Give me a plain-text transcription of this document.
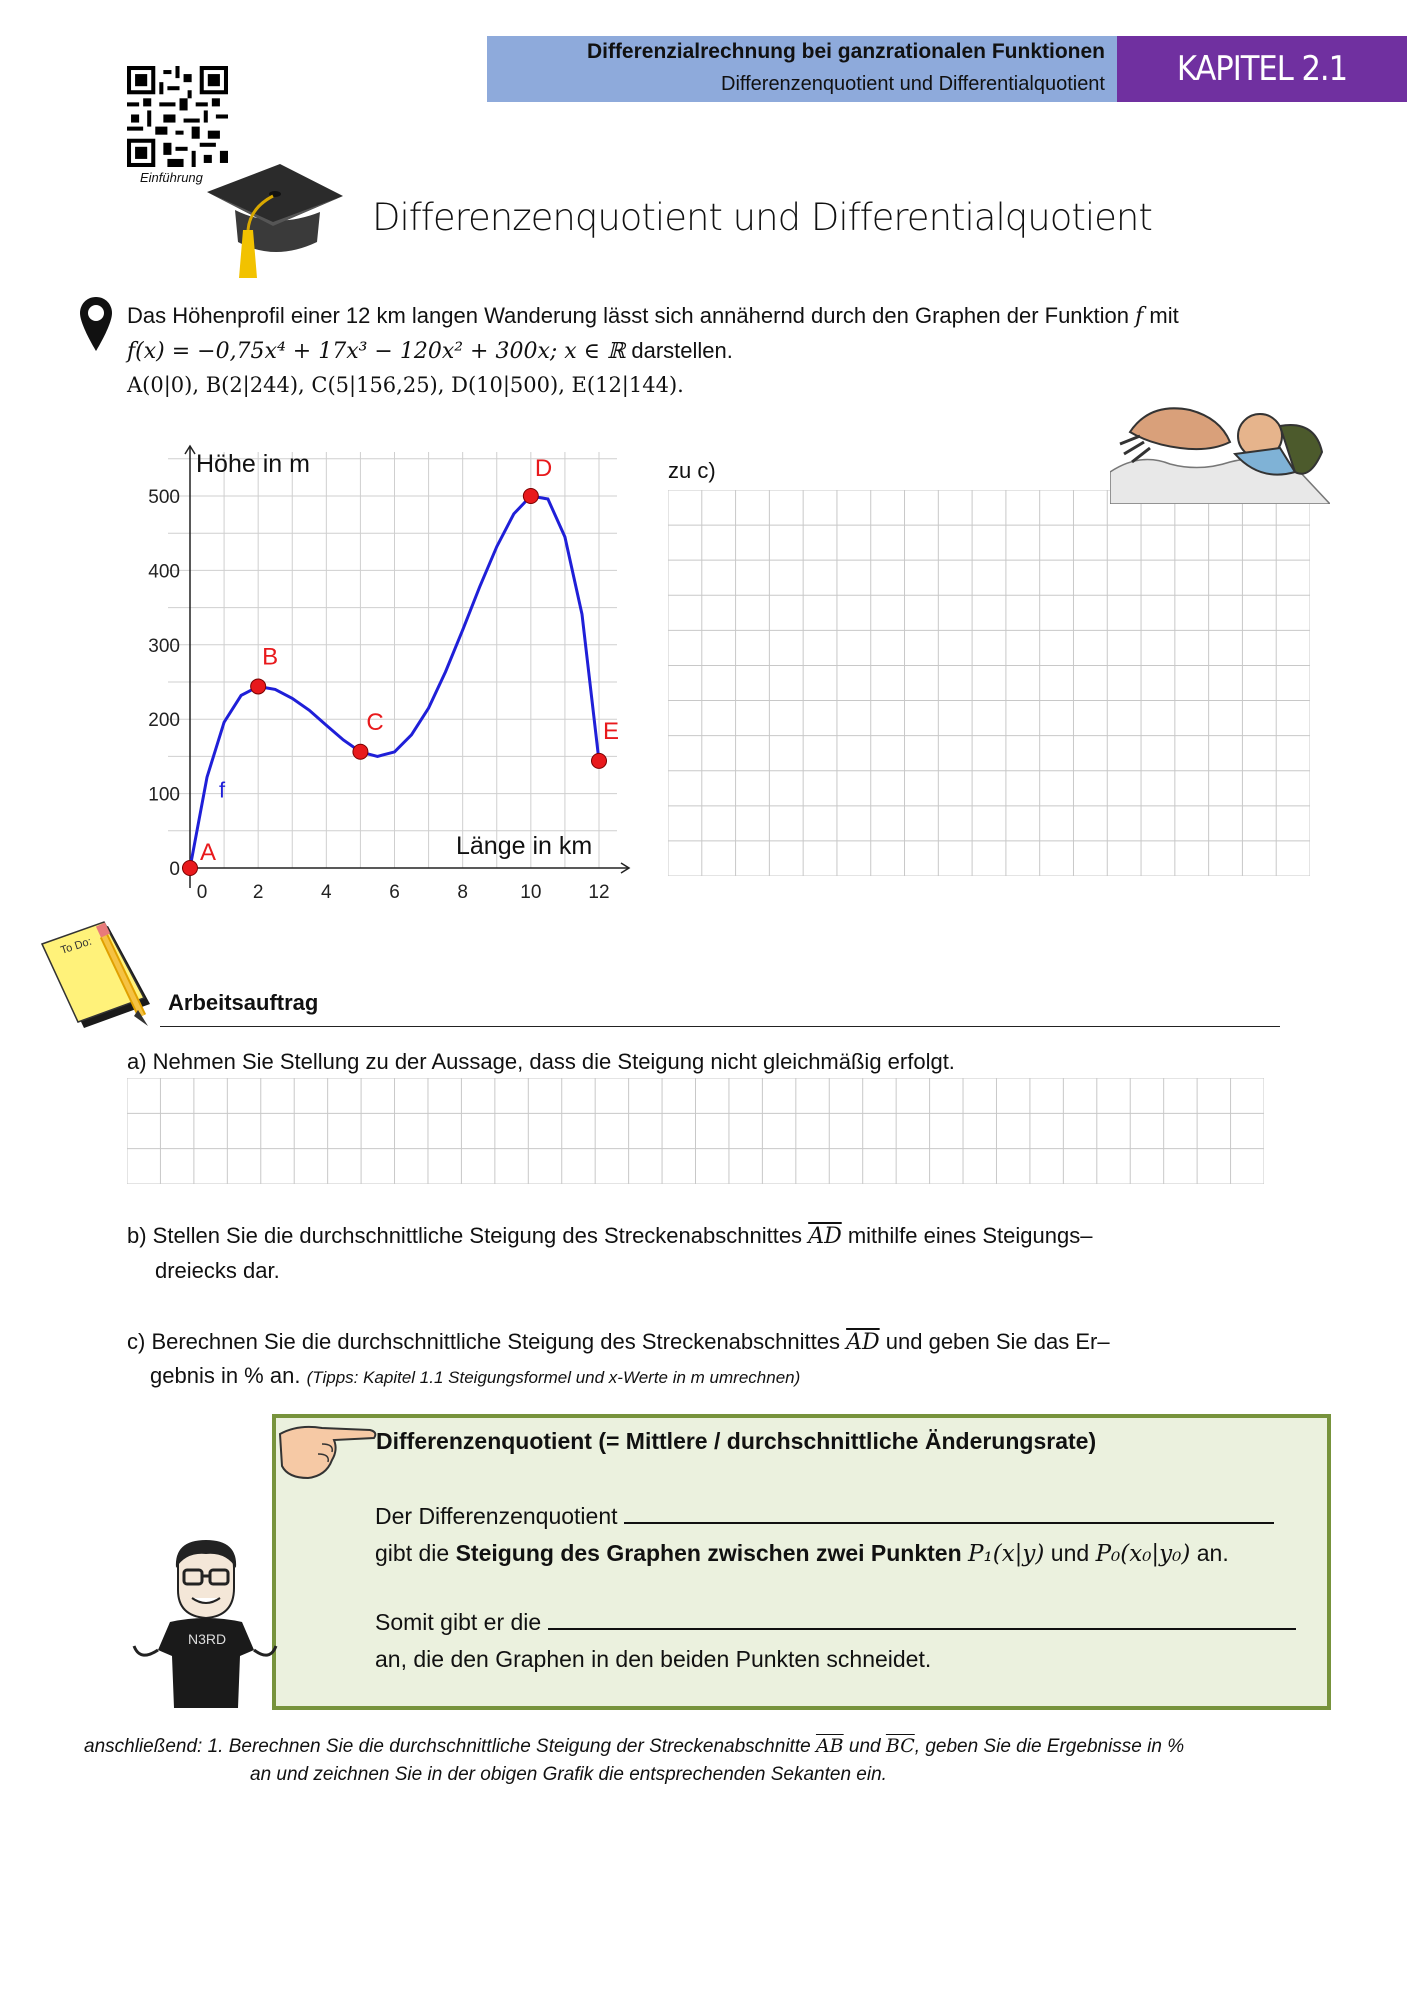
Differenzialrechnung bei ganzrationalen Funktionen
Differenzenquotient und Differentialquotient	KAPITEL 2.1
Einführung
Differenzenquotient und Differentialquotient
Das Höhenprofil einer 12 km langen Wanderung lässt sich annähernd durch den Graphen der Funktion f mit
f(x) = −0,75x⁴ + 17x³ − 120x² + 300x; x ∈ ℝ darstellen.
A(0|0), B(2|244), C(5|156,25), D(10|500), E(12|144).
0 2	4	6	8	10 12
0
100
200
300
400
500
A
B
C
D
E
Höhe in m
Länge in km
f
zu c)
To Do:
Arbeitsauftrag
a) Nehmen Sie Stellung zu der Aussage, dass die Steigung nicht gleichmäßig erfolgt.
b) Stellen Sie die durchschnittliche Steigung des Streckenabschnittes $\overline{AD}$ mithilfe eines Steigungs–
dreiecks dar.
c) Berechnen Sie die durchschnittliche Steigung des Streckenabschnittes $\overline{AD}$ und geben Sie das Er–
gebnis in % an. (Tipps: Kapitel 1.1 Steigungsformel und x-Werte in m umrechnen)
Differenzenquotient (= Mittlere / durchschnittliche Änderungsrate)
Der Differenzenquotient
gibt die Steigung des Graphen zwischen zwei Punkten P₁(x|y) und P₀(x₀|y₀) an.
Somit gibt er die
an, die den Graphen in den beiden Punkten schneidet.
N3RD
anschließend: 1. Berechnen Sie die durchschnittliche Steigung der Streckenabschnitte $\overline{AB}$ und $\overline{BC}$, geben Sie die Ergebnisse in %
an und zeichnen Sie in der obigen Grafik die entsprechenden Sekanten ein.
